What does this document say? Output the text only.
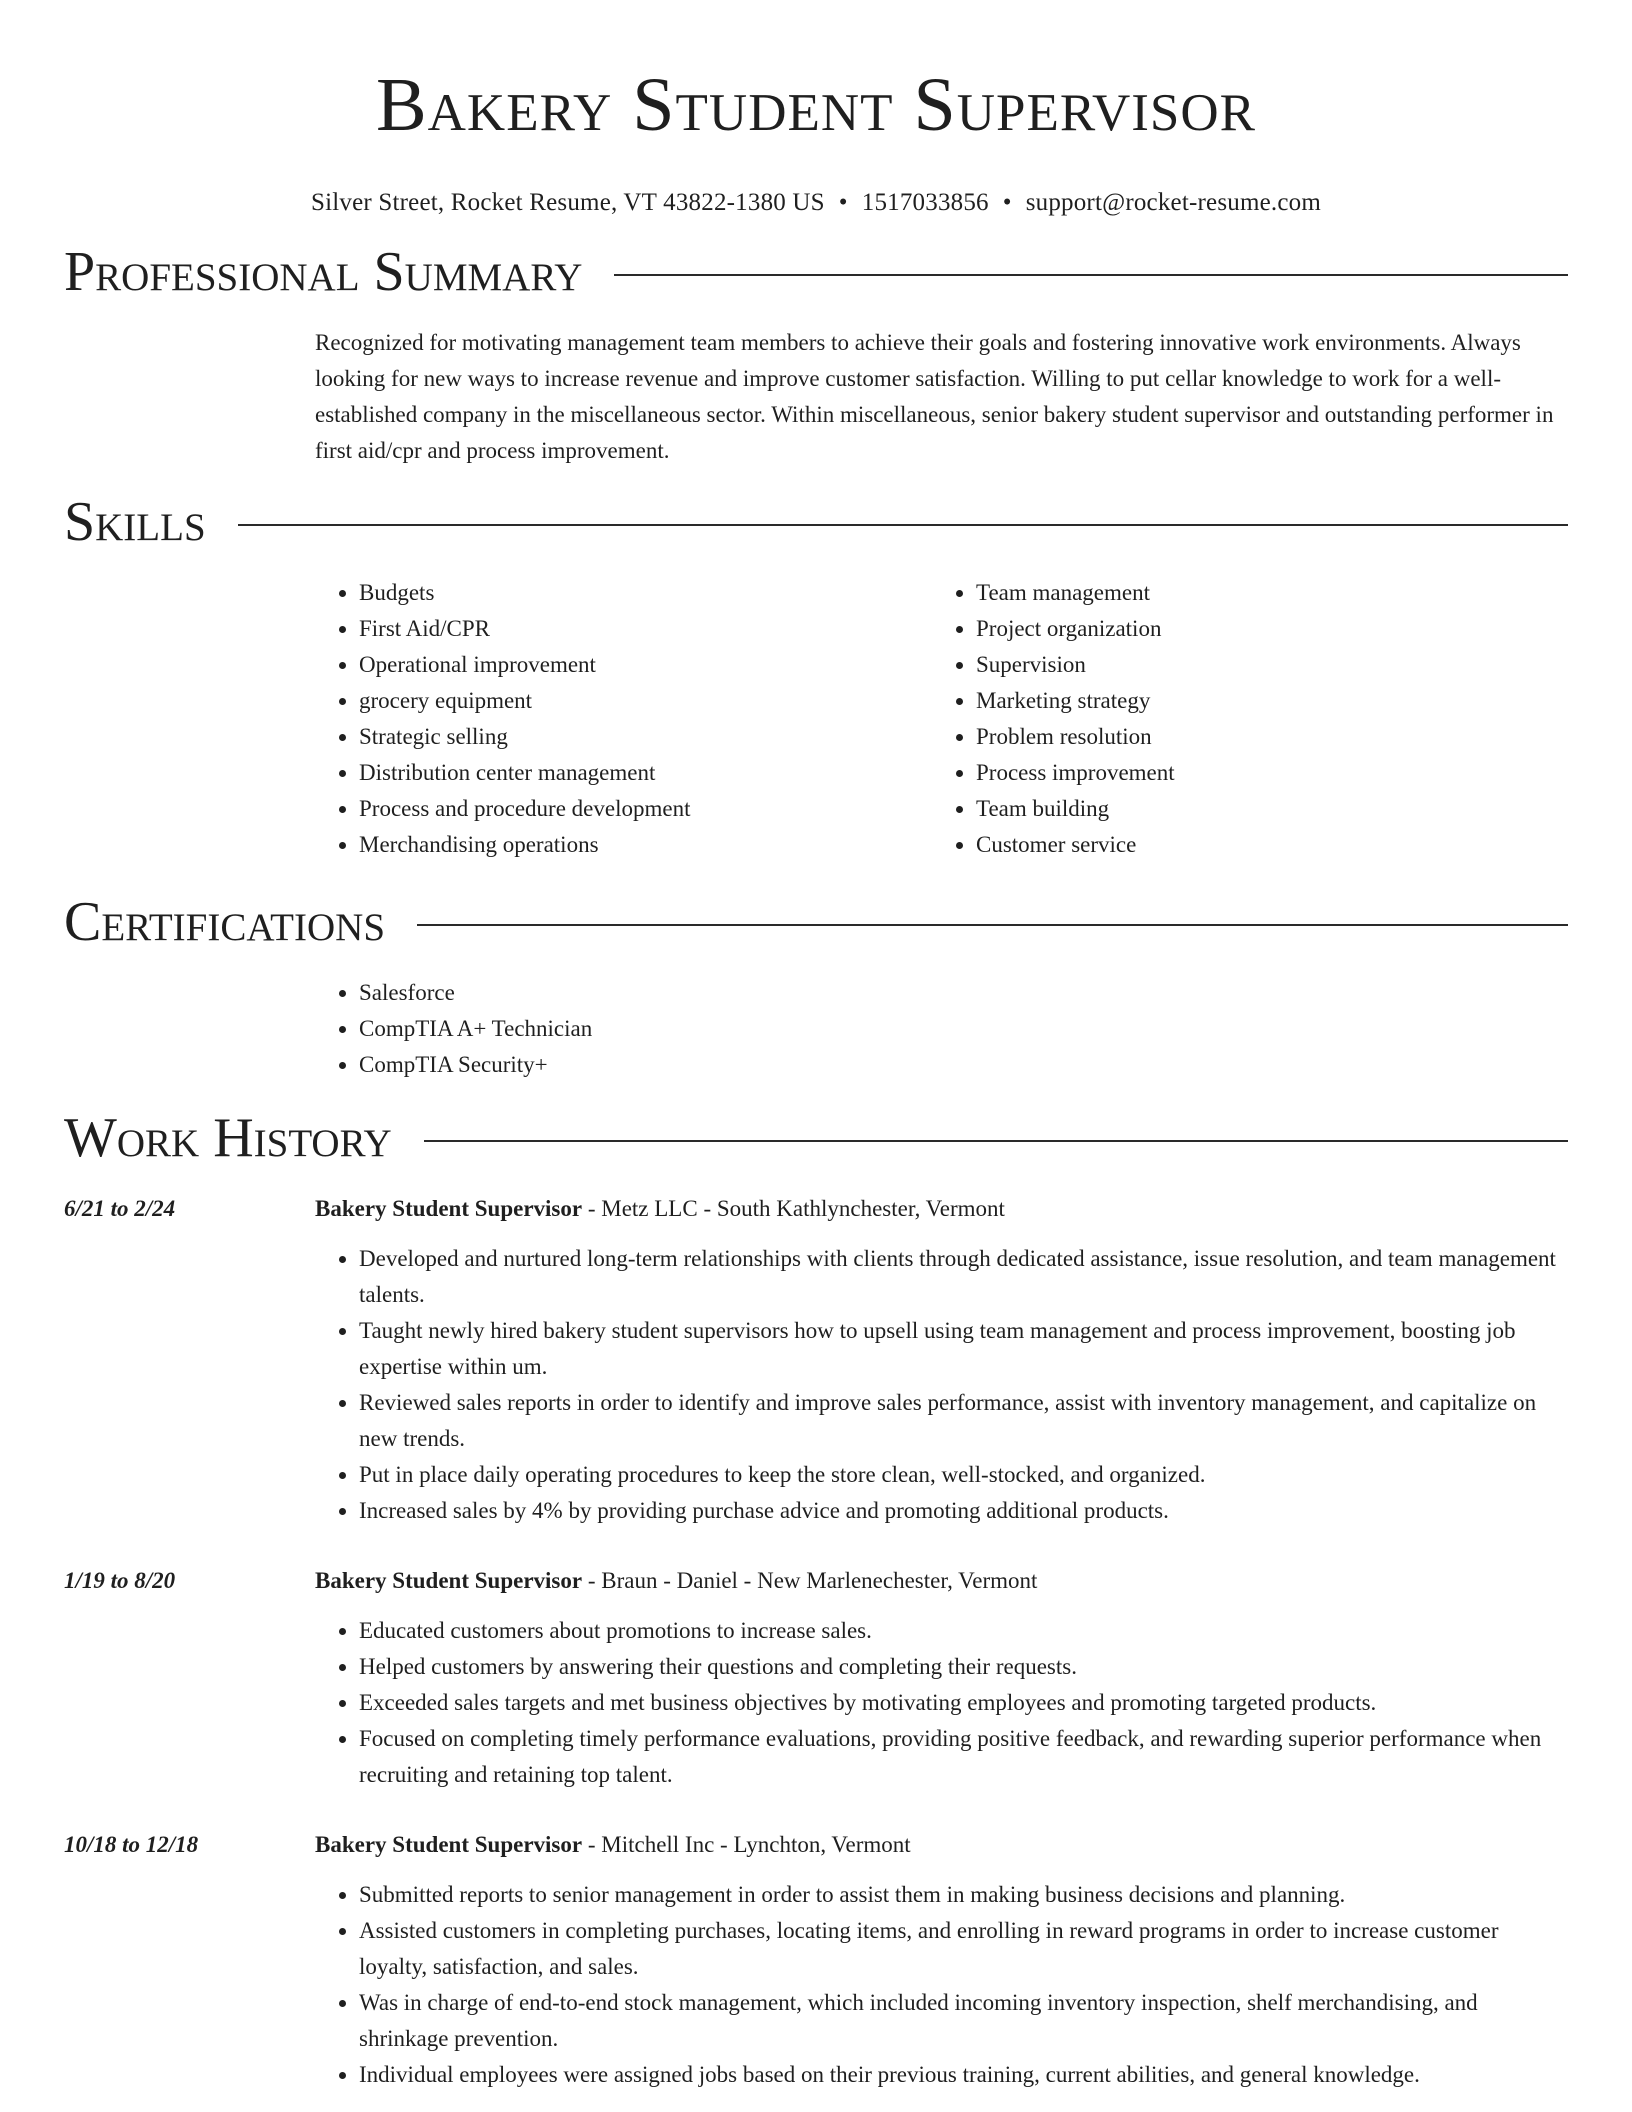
Bakery Student Supervisor
Silver Street, Rocket Resume, VT 43822-1380 US • 1517033856 • support@rocket-resume.com
Professional Summary

Recognized for motivating management team members to achieve their goals and fostering innovative work environments. Always looking for new ways to increase revenue and improve customer satisfaction. Willing to put cellar knowledge to work for a well-established company in the miscellaneous sector. Within miscellaneous, senior bakery student supervisor and outstanding performer in first aid/cpr and process improvement.

Skills
• Budgets
• First Aid/CPR
• Operational improvement
• grocery equipment
• Strategic selling
• Distribution center management
• Process and procedure development
• Merchandising operations
• Team management
• Project organization
• Supervision
• Marketing strategy
• Problem resolution
• Process improvement
• Team building
• Customer service
Certifications
• Salesforce
• CompTIA A+ Technician
• CompTIA Security+
Work History
6/21 to 2/24	Bakery Student Supervisor - Metz LLC - South Kathlynchester, Vermont
• Developed and nurtured long-term relationships with clients through dedicated assistance, issue resolution, and team management talents.
• Taught newly hired bakery student supervisors how to upsell using team management and process improvement, boosting job expertise within um.
• Reviewed sales reports in order to identify and improve sales performance, assist with inventory management, and capitalize on new trends.
• Put in place daily operating procedures to keep the store clean, well-stocked, and organized.
• Increased sales by 4% by providing purchase advice and promoting additional products.
1/19 to 8/20	Bakery Student Supervisor - Braun - Daniel - New Marlenechester, Vermont
• Educated customers about promotions to increase sales.
• Helped customers by answering their questions and completing their requests.
• Exceeded sales targets and met business objectives by motivating employees and promoting targeted products.
• Focused on completing timely performance evaluations, providing positive feedback, and rewarding superior performance when recruiting and retaining top talent.
10/18 to 12/18	Bakery Student Supervisor - Mitchell Inc - Lynchton, Vermont
• Submitted reports to senior management in order to assist them in making business decisions and planning.
• Assisted customers in completing purchases, locating items, and enrolling in reward programs in order to increase customer loyalty, satisfaction, and sales.
• Was in charge of end-to-end stock management, which included incoming inventory inspection, shelf merchandising, and shrinkage prevention.
• Individual employees were assigned jobs based on their previous training, current abilities, and general knowledge.
